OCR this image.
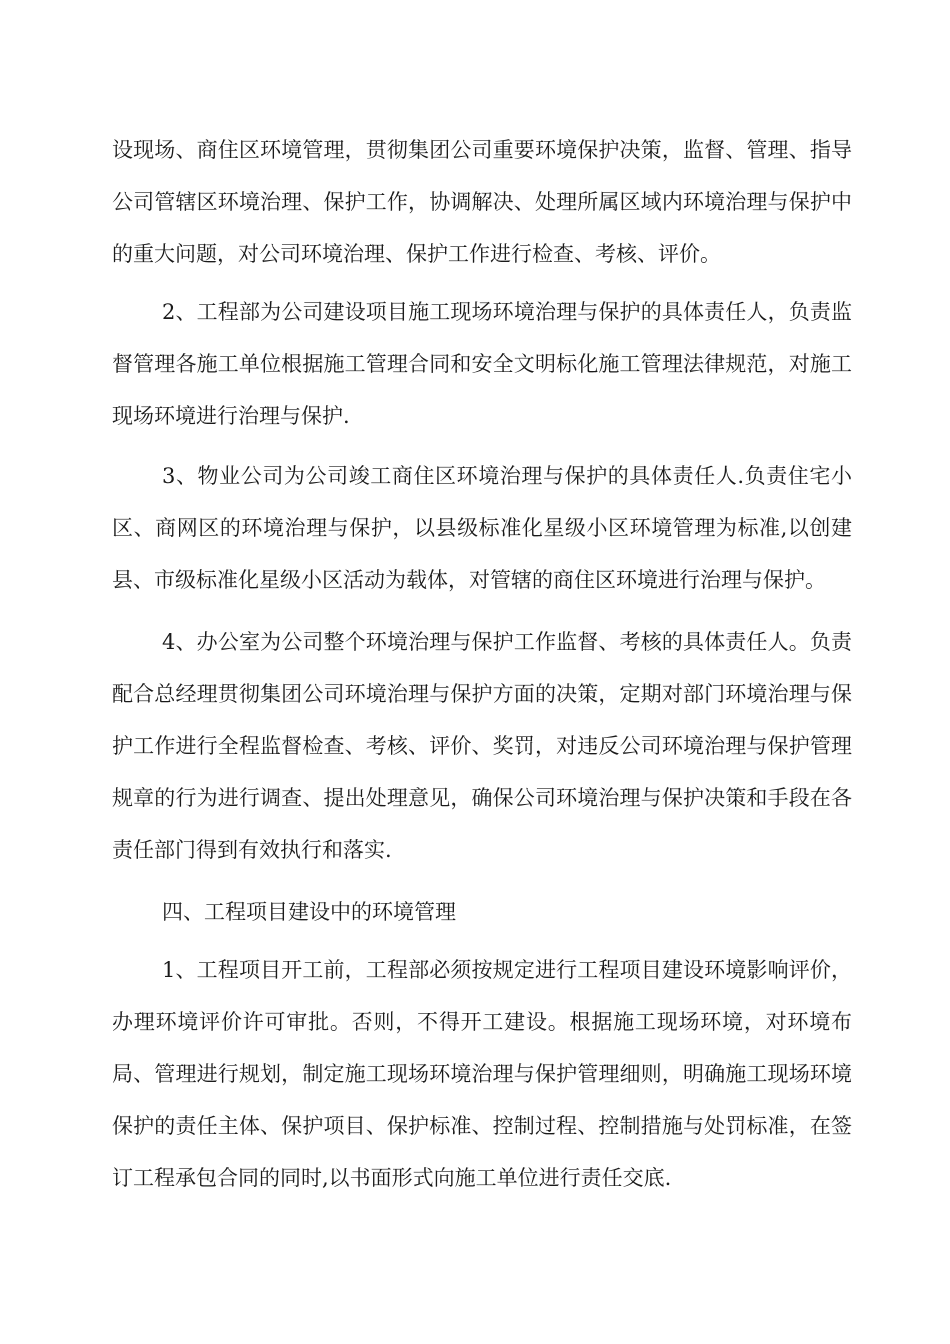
设现场、商住区环境管理，贯彻集团公司重要环境保护决策，监督、管理、指导公司管辖区环境治理、保护工作，协调解决、处理所属区域内环境治理与保护中的重大问题，对公司环境治理、保护工作进行检查、考核、评价。

2、工程部为公司建设项目施工现场环境治理与保护的具体责任人，负责监督管理各施工单位根据施工管理合同和安全文明标化施工管理法律规范，对施工现场环境进行治理与保护.

3、物业公司为公司竣工商住区环境治理与保护的具体责任人.负责住宅小区、商网区的环境治理与保护，以县级标准化星级小区环境管理为标准,以创建县、市级标准化星级小区活动为载体，对管辖的商住区环境进行治理与保护。

4、办公室为公司整个环境治理与保护工作监督、考核的具体责任人。负责配合总经理贯彻集团公司环境治理与保护方面的决策，定期对部门环境治理与保护工作进行全程监督检查、考核、评价、奖罚，对违反公司环境治理与保护管理规章的行为进行调查、提出处理意见，确保公司环境治理与保护决策和手段在各责任部门得到有效执行和落实.

四、工程项目建设中的环境管理

1、工程项目开工前，工程部必须按规定进行工程项目建设环境影响评价，办理环境评价许可审批。否则，不得开工建设。根据施工现场环境，对环境布局、管理进行规划，制定施工现场环境治理与保护管理细则，明确施工现场环境保护的责任主体、保护项目、保护标准、控制过程、控制措施与处罚标准，在签订工程承包合同的同时,以书面形式向施工单位进行责任交底.
